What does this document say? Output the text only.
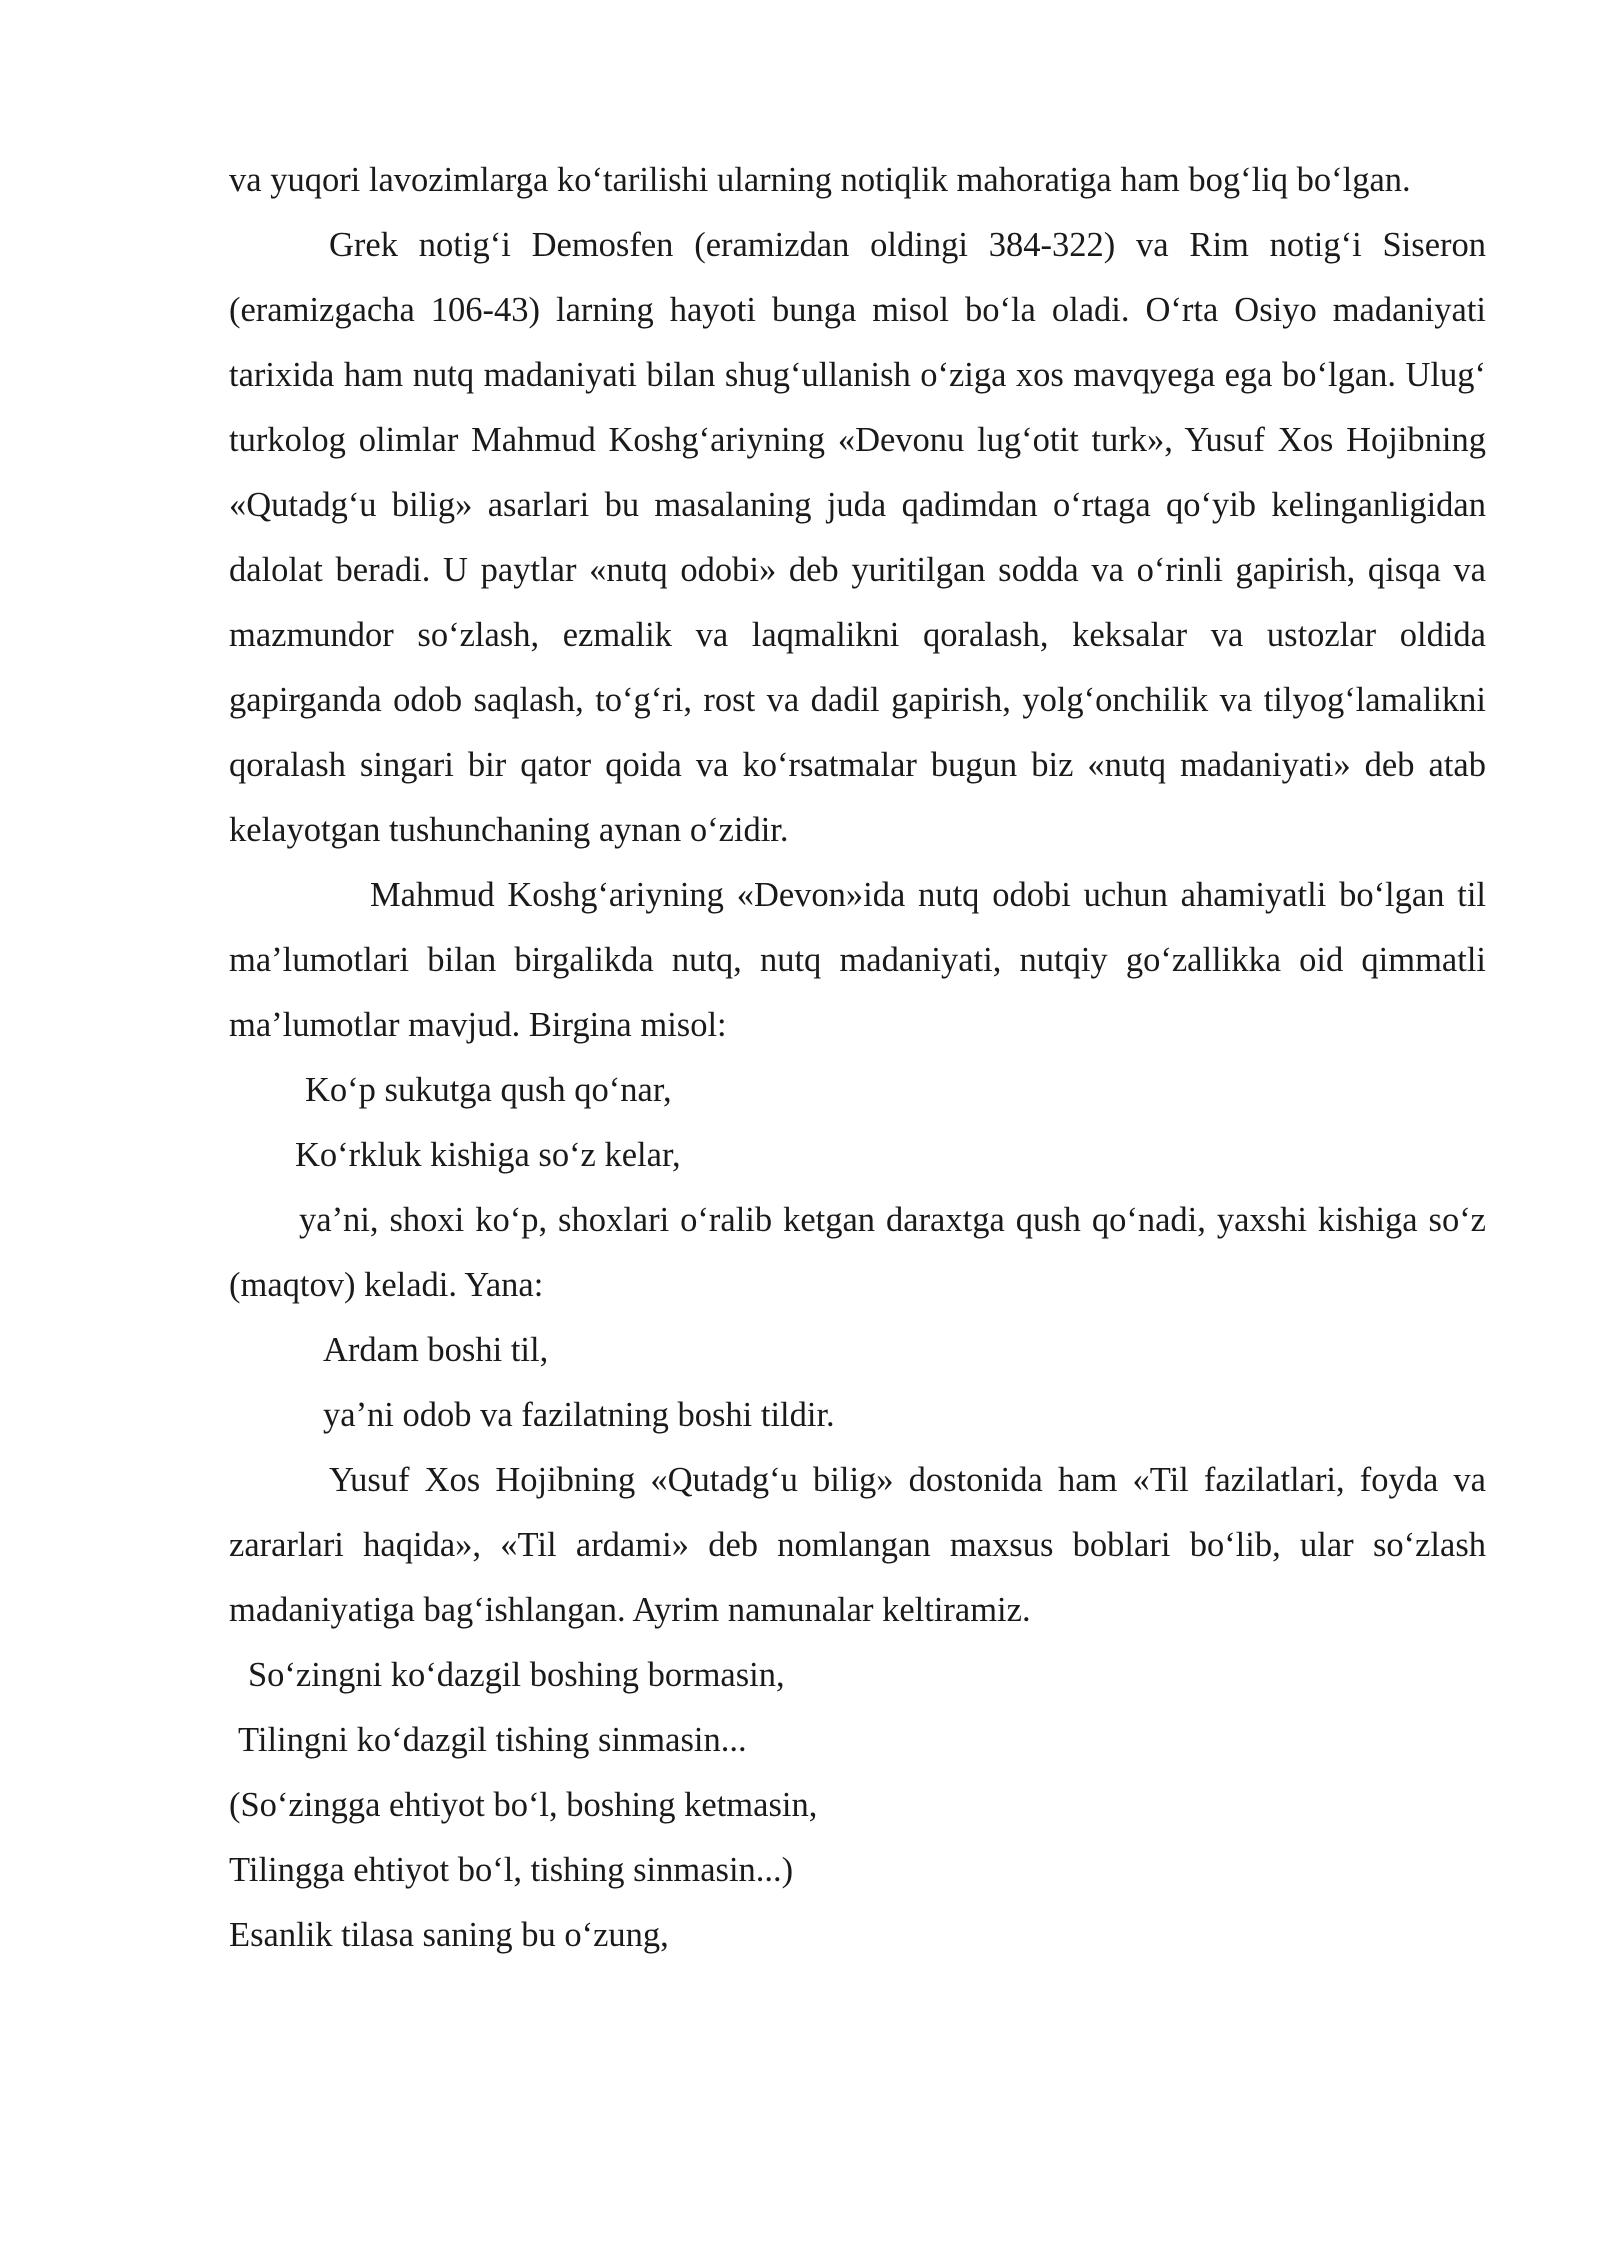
va yuqori lavozimlarga koʻtarilishi ularning notiqlik mahoratiga ham bogʻliq boʻlgan.

Grek notigʻi Demosfen (eramizdan oldingi 384-322) va Rim notigʻi Siseron (eramizgacha 106-43) larning hayoti bunga misol boʻla oladi. Oʻrta Osiyo madaniyati tarixida ham nutq madaniyati bilan shugʻullanish oʻziga xos mavqyega ega boʻlgan. Ulugʻ turkolog olimlar Mahmud Koshgʻariyning «Devonu lugʻotit turk», Yusuf Xos Hojibning «Qutadgʻu bilig» asarlari bu masalaning juda qadimdan oʻrtaga qoʻyib kelinganligidan dalolat beradi. U paytlar «nutq odobi» deb yuritilgan sodda va oʻrinli gapirish, qisqa va mazmundor soʻzlash, ezmalik va laqmalikni qoralash, keksalar va ustozlar oldida gapirganda odob saqlash, toʻgʻri, rost va dadil gapirish, yolgʻonchilik va tilyogʻlamalikni qoralash singari bir qator qoida va koʻrsatmalar bugun biz «nutq madaniyati» deb atab kelayotgan tushunchaning aynan oʻzidir.

Mahmud Koshgʻariyning «Devon»ida nutq odobi uchun ahamiyatli boʻlgan til maʼlumotlari bilan birgalikda nutq, nutq madaniyati, nutqiy goʻzallikka oid qimmatli maʼlumotlar mavjud. Birgina misol:

Koʻp sukutga qush qoʻnar,

Koʻrkluk kishiga soʻz kelar,

yaʼni, shoxi koʻp, shoxlari oʻralib ketgan daraxtga qush qoʻnadi, yaxshi kishiga soʻz (maqtov) keladi. Yana:

Ardam boshi til,

yaʼni odob va fazilatning boshi tildir.

Yusuf Xos Hojibning «Qutadgʻu bilig» dostonida ham «Til fazilatlari, foyda va zararlari haqida», «Til ardami» deb nomlangan maxsus boblari boʻlib, ular soʻzlash madaniyatiga bagʻishlangan. Ayrim namunalar keltiramiz.

Soʻzingni koʻdazgil boshing bormasin,

Tilingni koʻdazgil tishing sinmasin...

(Soʻzingga ehtiyot boʻl, boshing ketmasin,

Tilingga ehtiyot boʻl, tishing sinmasin...)

Esanlik tilasa saning bu oʻzung,
